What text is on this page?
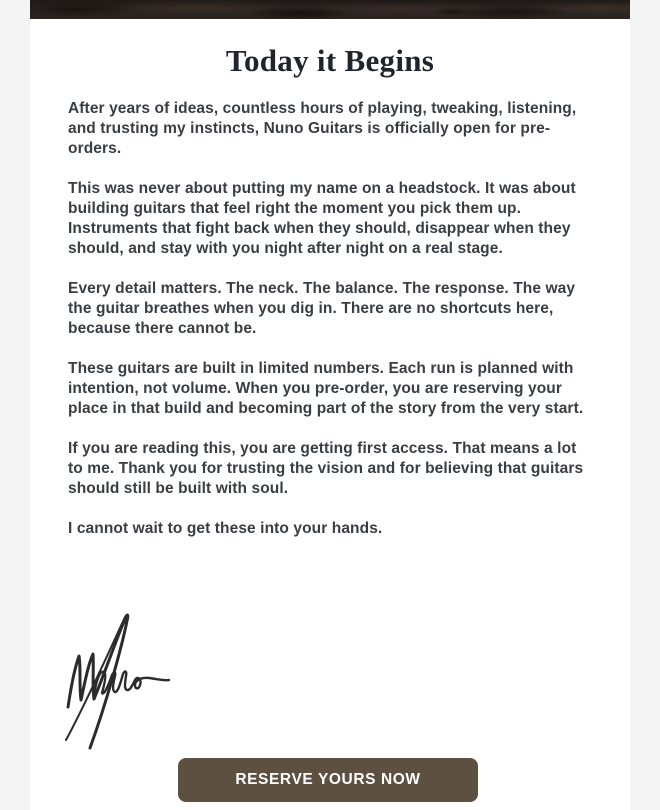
Today it Begins

After years of ideas, countless hours of playing, tweaking, listening, and trusting my instincts, Nuno Guitars is officially open for pre-orders.

This was never about putting my name on a headstock. It was about building guitars that feel right the moment you pick them up. Instruments that fight back when they should, disappear when they should, and stay with you night after night on a real stage.

Every detail matters. The neck. The balance. The response. The way the guitar breathes when you dig in. There are no shortcuts here, because there cannot be.

These guitars are built in limited numbers. Each run is planned with intention, not volume. When you pre-order, you are reserving your place in that build and becoming part of the story from the very start.

If you are reading this, you are getting first access. That means a lot to me. Thank you for trusting the vision and for believing that guitars should still be built with soul.

I cannot wait to get these into your hands.

RESERVE YOURS NOW
